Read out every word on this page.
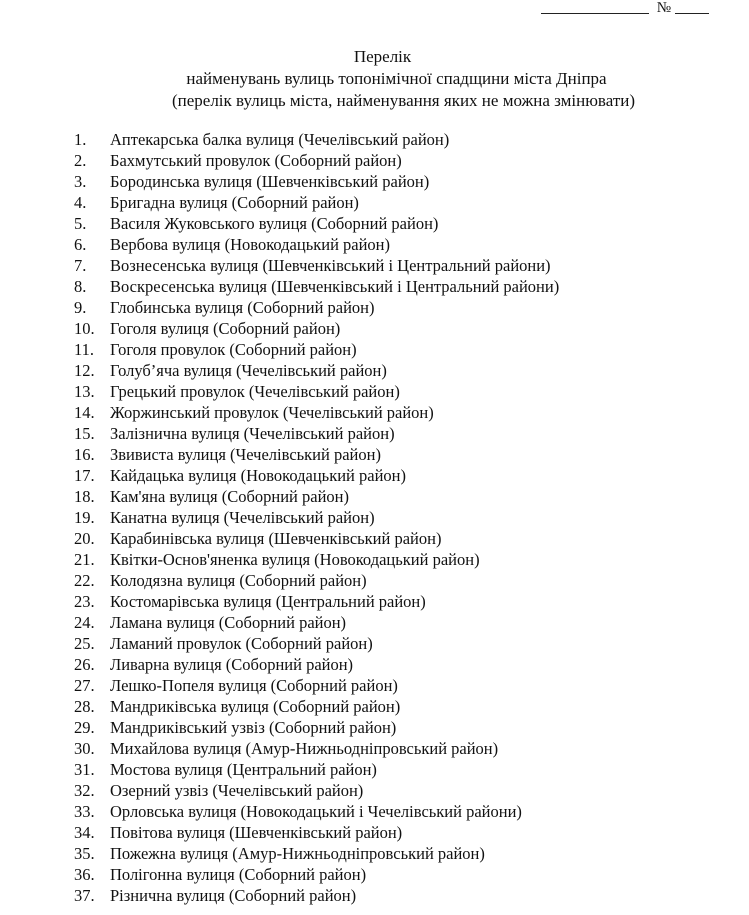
№
Перелік
найменувань вулиць топонімічної спадщини міста Дніпра
(перелік вулиць міста, найменування яких не можна змінювати)
1.	Аптекарська балка вулиця (Чечелівський район)
2.	Бахмутський провулок (Соборний район)
3.	Бородинська вулиця (Шевченківський район)
4.	Бригадна вулиця (Соборний район)
5.	Василя Жуковського вулиця (Соборний район)
6.	Вербова вулиця (Новокодацький район)
7.	Вознесенська вулиця (Шевченківський і Центральний райони)
8.	Воскресенська вулиця (Шевченківський і Центральний райони)
9.	Глобинська вулиця (Соборний район)
10. Гоголя вулиця (Соборний район)
11. Гоголя провулок (Соборний район)
12. Голуб’яча вулиця (Чечелівський район)
13. Грецький провулок (Чечелівський район)
14. Жоржинський провулок (Чечелівський район)
15. Залізнична вулиця (Чечелівський район)
16. Звивиста вулиця (Чечелівський район)
17. Кайдацька вулиця (Новокодацький район)
18. Кам'яна вулиця (Соборний район)
19. Канатна вулиця (Чечелівський район)
20. Карабинівська вулиця (Шевченківський район)
21. Квітки-Основ'яненка вулиця (Новокодацький район)
22. Колодязна вулиця (Соборний район)
23. Костомарівська вулиця (Центральний район)
24. Ламана вулиця (Соборний район)
25. Ламаний провулок (Соборний район)
26. Ливарна вулиця (Соборний район)
27. Лешко-Попеля вулиця (Соборний район)
28. Мандриківська вулиця (Соборний район)
29. Мандриківський узвіз (Соборний район)
30. Михайлова вулиця (Амур-Нижньодніпровський район)
31. Мостова вулиця (Центральний район)
32. Озерний узвіз (Чечелівський район)
33. Орловська вулиця (Новокодацький і Чечелівський райони)
34. Повітова вулиця (Шевченківський район)
35. Пожежна вулиця (Амур-Нижньодніпровський район)
36. Полігонна вулиця (Соборний район)
37. Різнична вулиця (Соборний район)
